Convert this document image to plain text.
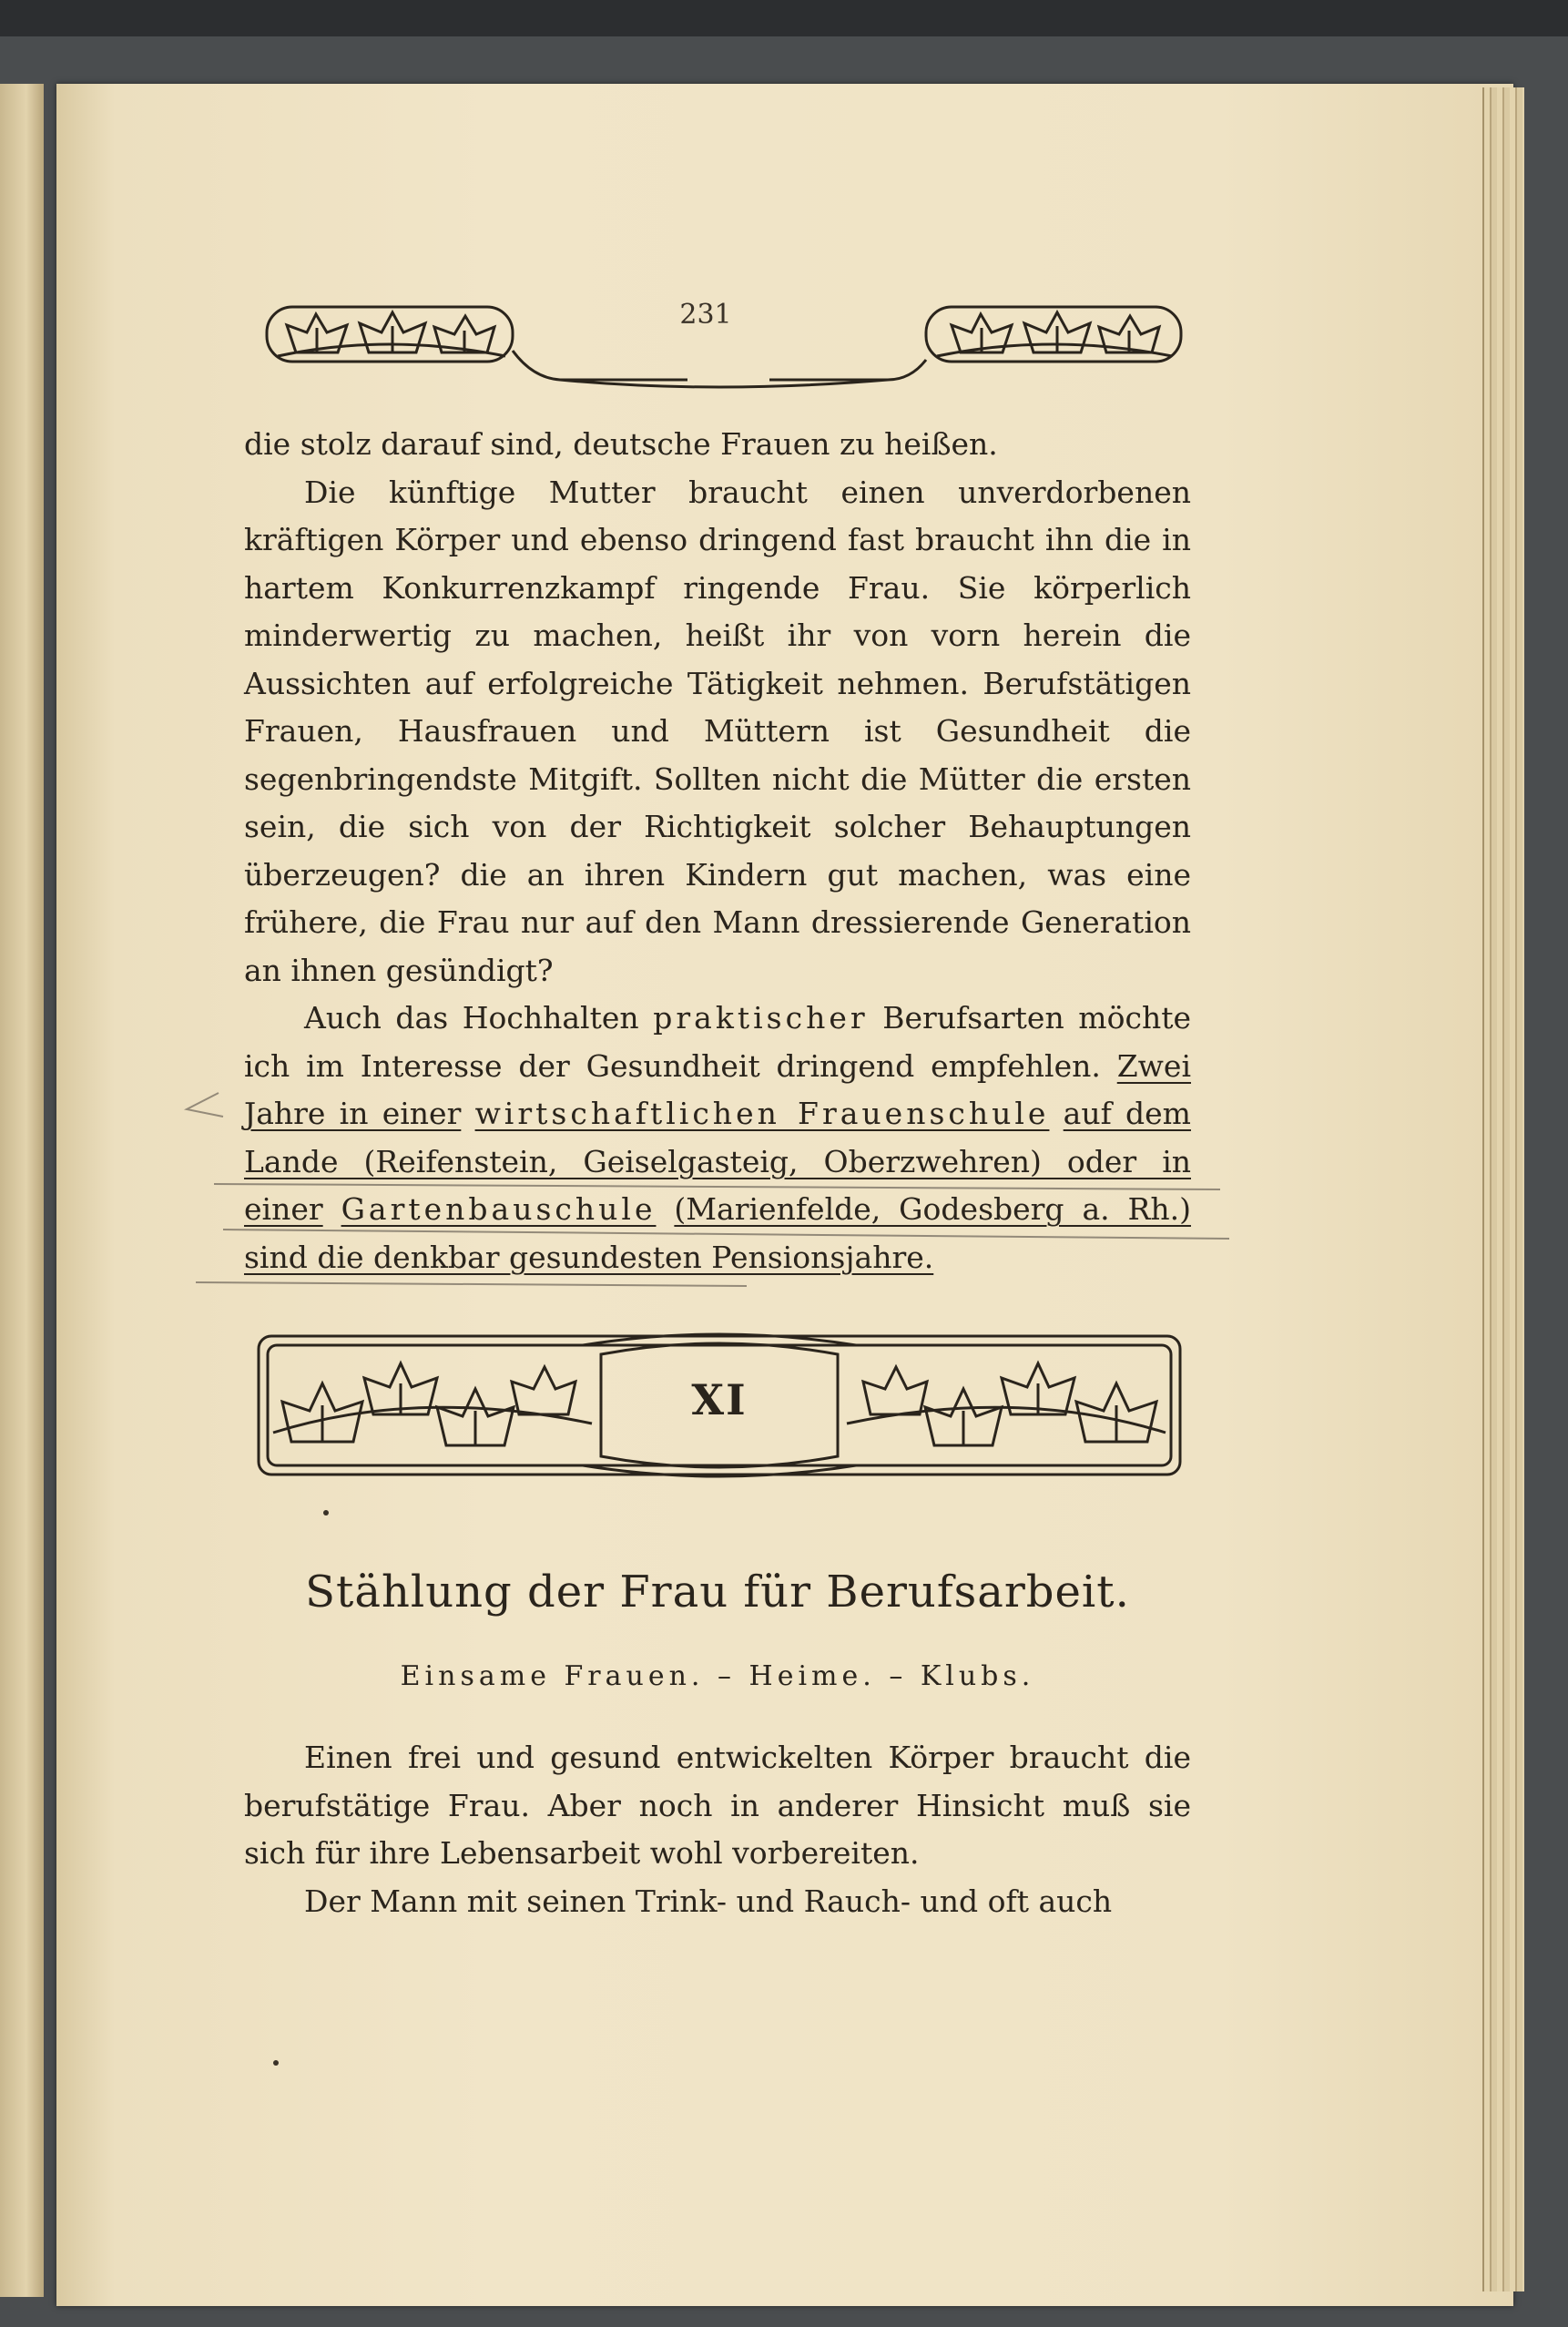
231

die stolz darauf sind, deutsche Frauen zu heißen.

Die künftige Mutter braucht einen unverdorbenen kräftigen Körper und ebenso dringend fast braucht ihn die in hartem Konkurrenzkampf ringende Frau. Sie körperlich minderwertig zu machen, heißt ihr von vorn herein die Aussichten auf erfolgreiche Tätigkeit nehmen. Berufstätigen Frauen, Hausfrauen und Müttern ist Gesundheit die segenbringendste Mitgift. Sollten nicht die Mütter die ersten sein, die sich von der Richtigkeit solcher Behauptungen überzeugen? die an ihren Kindern gut machen, was eine frühere, die Frau nur auf den Mann dressierende Generation an ihnen gesündigt?

Auch das Hochhalten praktischer Berufsarten möchte ich im Interesse der Gesundheit dringend empfehlen. Zwei Jahre in einer wirtschaftlichen Frauenschule auf dem Lande (Reifenstein, Geiselgasteig, Oberzwehren) oder in einer Gartenbauschule (Marienfelde, Godesberg a. Rh.) sind die denkbar gesundesten Pensionsjahre.

XI
Stählung der Frau für Berufsarbeit.
Einsame Frauen. – Heime. – Klubs.

Einen frei und gesund entwickelten Körper braucht die berufstätige Frau. Aber noch in anderer Hinsicht muß sie sich für ihre Lebensarbeit wohl vorbereiten.

Der Mann mit seinen Trink- und Rauch- und oft auch
